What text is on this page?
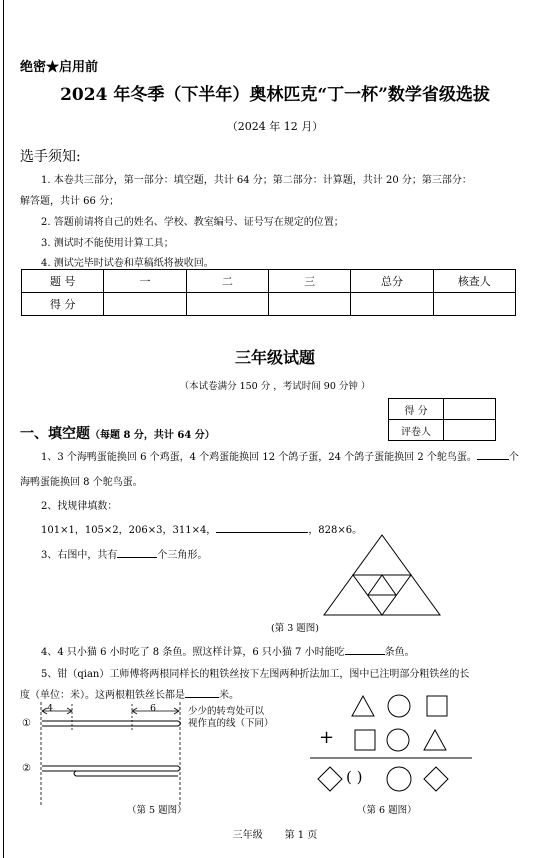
绝密★启用前
2024 年冬季（下半年）奥林匹克“丁一杯”数学省级选拔
（2024 年 12 月）
选手须知:
1. 本卷共三部分，第一部分：填空题，共计 64 分；第二部分：计算题，共计 20 分；第三部分：
解答题，共计 66 分；
2. 答题前请将自己的姓名、学校、教室编号、证号写在规定的位置；
3. 测试时不能使用计算工具；
4. 测试完毕时试卷和草稿纸将被收回。
题 号	一	二	三	总分	核查人
得 分					
三年级试题
（本试卷满分 150 分 ，考试时间 90 分钟 ）
得 分	
评卷人	
一、填空题（每题 8 分，共计 64 分）
1、3 个海鸭蛋能换回 6 个鸡蛋，4 个鸡蛋能换回 12 个鸽子蛋，24 个鸽子蛋能换回 2 个鸵鸟蛋。	个
海鸭蛋能换回 8 个鸵鸟蛋。
2、找规律填数：
101×1，105×2，206×3，311×4，	，828×6。
3、右图中，共有	个三角形。
(第 3 题图)
4、4 只小猫 6 小时吃了 8 条鱼。照这样计算，6 只小猫 7 小时能吃	条鱼。
5、钳（qian）工师傅将两根同样长的粗铁丝按下左图两种折法加工，图中已注明部分粗铁丝的长
度（单位：米）。这两根粗铁丝长都是	米。
4	6	少少的转弯处可以
视作直的线（下同）
①
②
（第 5 题图）
+
( )
（第 6 题图）
三年级 第 1 页
